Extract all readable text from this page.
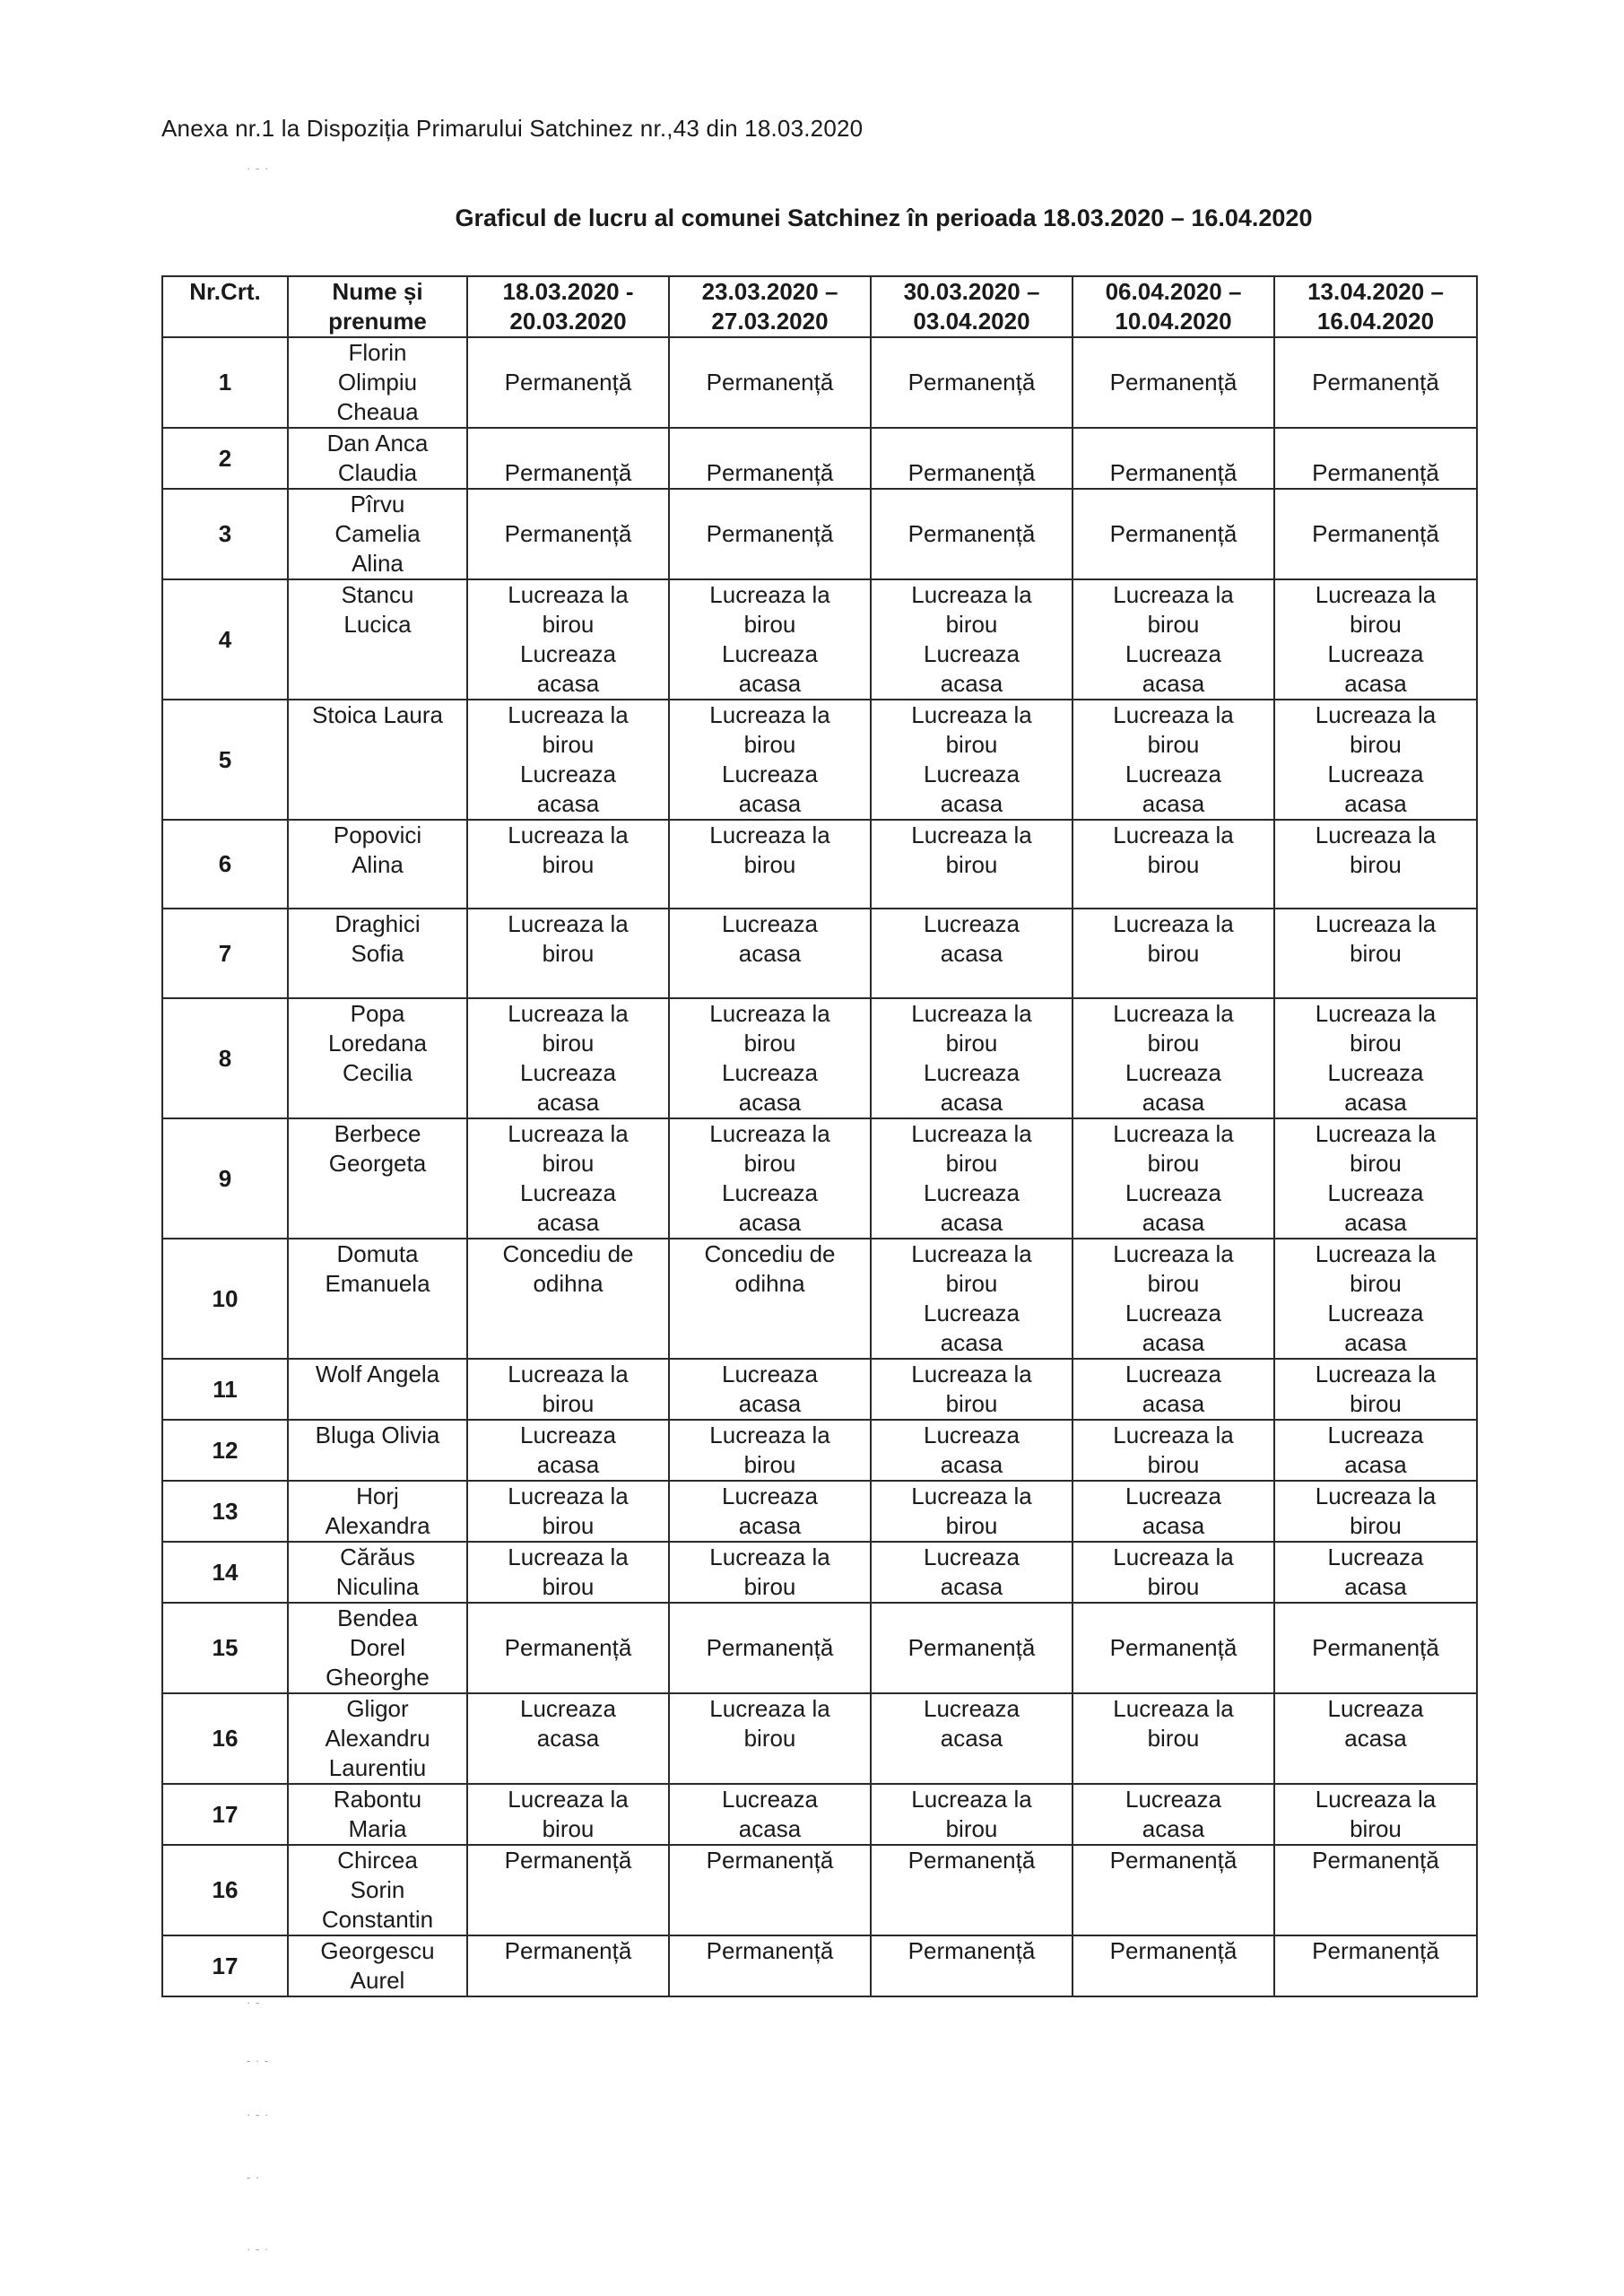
Anexa nr.1 la Dispoziția Primarului Satchinez nr.,43 din 18.03.2020
Graficul de lucru al comunei Satchinez în perioada 18.03.2020 – 16.04.2020
Nr.Crt.	Nume și
prenume	18.03.2020 -
20.03.2020	23.03.2020 –
27.03.2020	30.03.2020 –
03.04.2020	06.04.2020 –
10.04.2020	13.04.2020 –
16.04.2020

1	Florin
Olimpiu
Cheaua	Permanență	Permanență	Permanență	Permanență	Permanență

2	Dan Anca
Claudia	Permanență	Permanență	Permanență	Permanență	Permanență

3	Pîrvu
Camelia
Alina	Permanență	Permanență	Permanență	Permanență	Permanență

4	Stancu
Lucica	Lucreaza la
birou
Lucreaza
acasa	Lucreaza la
birou
Lucreaza
acasa	Lucreaza la
birou
Lucreaza
acasa	Lucreaza la
birou
Lucreaza
acasa	Lucreaza la
birou
Lucreaza
acasa

5	Stoica Laura	Lucreaza la
birou
Lucreaza
acasa	Lucreaza la
birou
Lucreaza
acasa	Lucreaza la
birou
Lucreaza
acasa	Lucreaza la
birou
Lucreaza
acasa	Lucreaza la
birou
Lucreaza
acasa

6	Popovici
Alina	Lucreaza la
birou	Lucreaza la
birou	Lucreaza la
birou	Lucreaza la
birou	Lucreaza la
birou

7	Draghici
Sofia	Lucreaza la
birou	Lucreaza
acasa	Lucreaza
acasa	Lucreaza la
birou	Lucreaza la
birou

8	Popa
Loredana
Cecilia	Lucreaza la
birou
Lucreaza
acasa	Lucreaza la
birou
Lucreaza
acasa	Lucreaza la
birou
Lucreaza
acasa	Lucreaza la
birou
Lucreaza
acasa	Lucreaza la
birou
Lucreaza
acasa

9	Berbece
Georgeta	Lucreaza la
birou
Lucreaza
acasa	Lucreaza la
birou
Lucreaza
acasa	Lucreaza la
birou
Lucreaza
acasa	Lucreaza la
birou
Lucreaza
acasa	Lucreaza la
birou
Lucreaza
acasa

10	Domuta
Emanuela	Concediu de
odihna	Concediu de
odihna	Lucreaza la
birou
Lucreaza
acasa	Lucreaza la
birou
Lucreaza
acasa	Lucreaza la
birou
Lucreaza
acasa

11	Wolf Angela	Lucreaza la
birou	Lucreaza
acasa	Lucreaza la
birou	Lucreaza
acasa	Lucreaza la
birou

12	Bluga Olivia	Lucreaza
acasa	Lucreaza la
birou	Lucreaza
acasa	Lucreaza la
birou	Lucreaza
acasa

13	Horj
Alexandra	Lucreaza la
birou	Lucreaza
acasa	Lucreaza la
birou	Lucreaza
acasa	Lucreaza la
birou

14	Cărăus
Niculina	Lucreaza la
birou	Lucreaza la
birou	Lucreaza
acasa	Lucreaza la
birou	Lucreaza
acasa

15	Bendea
Dorel
Gheorghe	Permanență	Permanență	Permanență	Permanență	Permanență

16	Gligor
Alexandru
Laurentiu	Lucreaza
acasa	Lucreaza la
birou	Lucreaza
acasa	Lucreaza la
birou	Lucreaza
acasa

17	Rabontu
Maria	Lucreaza la
birou	Lucreaza
acasa	Lucreaza la
birou	Lucreaza
acasa	Lucreaza la
birou

16	Chircea
Sorin
Constantin	Permanență	Permanență	Permanență	Permanență	Permanență

17	Georgescu
Aurel	Permanență	Permanență	Permanență	Permanență	Permanență
· - ·
· -
- · -
· - ·
- ·
· - ·
